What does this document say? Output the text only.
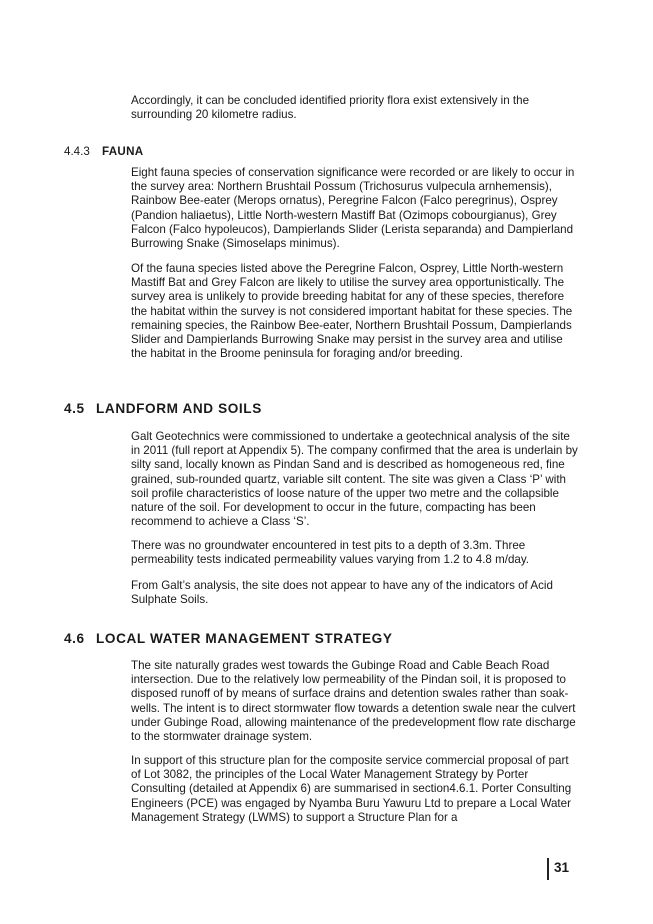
Accordingly, it can be concluded identified priority flora exist extensively in the surrounding 20 kilometre radius.

4.4.3 FAUNA

Eight fauna species of conservation significance were recorded or are likely to occur in the survey area: Northern Brushtail Possum (Trichosurus vulpecula arnhemensis), Rainbow Bee-eater (Merops ornatus), Peregrine Falcon (Falco peregrinus), Osprey (Pandion haliaetus), Little North-western Mastiff Bat (Ozimops cobourgianus), Grey Falcon (Falco hypoleucos), Dampierlands Slider (Lerista separanda) and Dampierland Burrowing Snake (Simoselaps minimus).

Of the fauna species listed above the Peregrine Falcon, Osprey, Little North-western Mastiff Bat and Grey Falcon are likely to utilise the survey area opportunistically. The survey area is unlikely to provide breeding habitat for any of these species, therefore the habitat within the survey is not considered important habitat for these species. The remaining species, the Rainbow Bee-eater, Northern Brushtail Possum, Dampierlands Slider and Dampierlands Burrowing Snake may persist in the survey area and utilise the habitat in the Broome peninsula for foraging and/or breeding.

4.5 LANDFORM AND SOILS

Galt Geotechnics were commissioned to undertake a geotechnical analysis of the site in 2011 (full report at Appendix 5). The company confirmed that the area is underlain by silty sand, locally known as Pindan Sand and is described as homogeneous red, fine grained, sub-rounded quartz, variable silt content. The site was given a Class ‘P’ with soil profile characteristics of loose nature of the upper two metre and the collapsible nature of the soil. For development to occur in the future, compacting has been recommend to achieve a Class ‘S’.

There was no groundwater encountered in test pits to a depth of 3.3m. Three permeability tests indicated permeability values varying from 1.2 to 4.8 m/day.

From Galt’s analysis, the site does not appear to have any of the indicators of Acid Sulphate Soils.

4.6 LOCAL WATER MANAGEMENT STRATEGY

The site naturally grades west towards the Gubinge Road and Cable Beach Road intersection. Due to the relatively low permeability of the Pindan soil, it is proposed to disposed runoff of by means of surface drains and detention swales rather than soak-wells. The intent is to direct stormwater flow towards a detention swale near the culvert under Gubinge Road, allowing maintenance of the predevelopment flow rate discharge to the stormwater drainage system.

In support of this structure plan for the composite service commercial proposal of part of Lot 3082, the principles of the Local Water Management Strategy by Porter Consulting (detailed at Appendix 6) are summarised in section4.6.1. Porter Consulting Engineers (PCE) was engaged by Nyamba Buru Yawuru Ltd to prepare a Local Water Management Strategy (LWMS) to support a Structure Plan for a

31
